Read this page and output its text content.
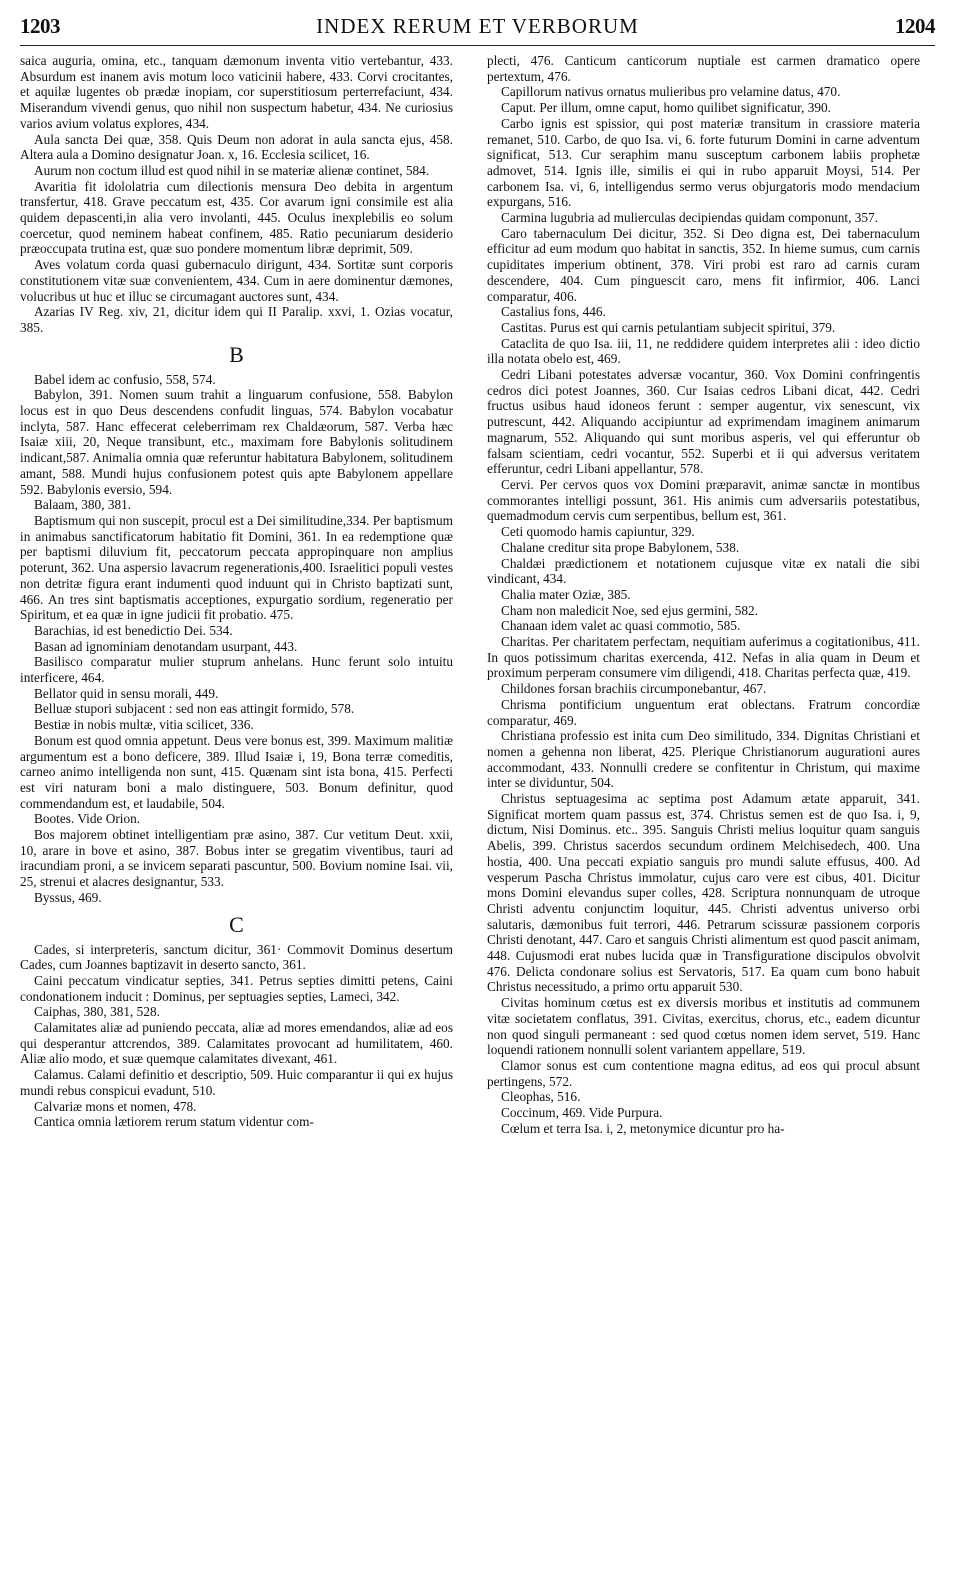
1203	INDEX RERUM ET VERBORUM	1204

saica auguria, omina, etc., tanquam dæmonum inventa vitio vertebantur, 433. Absurdum est inanem avis motum loco vaticinii habere, 433. Corvi crocitantes, et aquilæ lugentes ob prædæ inopiam, cor superstitiosum perterrefaciunt, 434. Miserandum vivendi genus, quo nihil non suspectum habetur, 434. Ne curiosius varios avium volatus explores, 434.

Aula sancta Dei quæ, 358. Quis Deum non adorat in aula sancta ejus, 458. Altera aula a Domino designatur Joan. x, 16. Ecclesia scilicet, 16.

Aurum non coctum illud est quod nihil in se materiæ alienæ continet, 584.

Avaritia fit idololatria cum dilectionis mensura Deo debita in argentum transfertur, 418. Grave peccatum est, 435. Cor avarum igni consimile est alia quidem depascenti,in alia vero involanti, 445. Oculus inexplebilis eo solum coercetur, quod neminem habeat confinem, 485. Ratio pecuniarum desiderio præoccupata trutina est, quæ suo pondere momentum libræ deprimit, 509.

Aves volatum corda quasi gubernaculo dirigunt, 434. Sortitæ sunt corporis constitutionem vitæ suæ convenientem, 434. Cum in aere dominentur dæmones, volucribus ut huc et illuc se circumagant auctores sunt, 434.

Azarias IV Reg. xiv, 21, dicitur idem qui II Paralip. xxvi, 1. Ozias vocatur, 385.

B

Babel idem ac confusio, 558, 574.

Babylon, 391. Nomen suum trahit a linguarum confusione, 558. Babylon locus est in quo Deus descendens confudit linguas, 574. Babylon vocabatur inclyta, 587. Hanc effecerat celeberrimam rex Chaldæorum, 587. Verba hæc Isaiæ xiii, 20, Neque transibunt, etc., maximam fore Babylonis solitudinem indicant,587. Animalia omnia quæ referuntur habitatura Babylonem, solitudinem amant, 588. Mundi hujus confusionem potest quis apte Babylonem appellare 592. Babylonis eversio, 594.

Balaam, 380, 381.

Baptismum qui non suscepit, procul est a Dei similitudine,334. Per baptismum in animabus sanctificatorum habitatio fit Domini, 361. In ea redemptione quæ per baptismi diluvium fit, peccatorum peccata appropinquare non amplius poterunt, 362. Una aspersio lavacrum regenerationis,400. Israelitici populi vestes non detritæ figura erant indumenti quod induunt qui in Christo baptizati sunt, 466. An tres sint baptismatis acceptiones, expurgatio sordium, regeneratio per Spiritum, et ea quæ in igne judicii fit probatio. 475.

Barachias, id est benedictio Dei. 534.

Basan ad ignominiam denotandam usurpant, 443.

Basilisco comparatur mulier stuprum anhelans. Hunc ferunt solo intuitu interficere, 464.

Bellator quid in sensu morali, 449.

Belluæ stupori subjacent : sed non eas attingit formido, 578.

Bestiæ in nobis multæ, vitia scilicet, 336.

Bonum est quod omnia appetunt. Deus vere bonus est, 399. Maximum malitiæ argumentum est a bono deficere, 389. Illud Isaiæ i, 19, Bona terræ comeditis, carneo animo intelligenda non sunt, 415. Quænam sint ista bona, 415. Perfecti est viri naturam boni a malo distinguere, 503. Bonum definitur, quod commendandum est, et laudabile, 504.

Bootes. Vide Orion.

Bos majorem obtinet intelligentiam præ asino, 387. Cur vetitum Deut. xxii, 10, arare in bove et asino, 387. Bobus inter se gregatim viventibus, tauri ad iracundiam proni, a se invicem separati pascuntur, 500. Bovium nomine Isai. vii, 25, strenui et alacres designantur, 533.

Byssus, 469.

C

Cades, si interpreteris, sanctum dicitur, 361· Commovit Dominus desertum Cades, cum Joannes baptizavit in deserto sancto, 361.

Caini peccatum vindicatur septies, 341. Petrus septies dimitti petens, Caini condonationem inducit : Dominus, per septuagies septies, Lameci, 342.

Caiphas, 380, 381, 528.

Calamitates aliæ ad puniendo peccata, aliæ ad mores emendandos, aliæ ad eos qui desperantur attcrendos, 389. Calamitates provocant ad humilitatem, 460. Aliæ alio modo, et suæ quemque calamitates divexant, 461.

Calamus. Calami definitio et descriptio, 509. Huic comparantur ii qui ex hujus mundi rebus conspicui evadunt, 510.

Calvariæ mons et nomen, 478.

Cantica omnia lætiorem rerum statum videntur com-

plecti, 476. Canticum canticorum nuptiale est carmen dramatico opere pertextum, 476.

Capillorum nativus ornatus mulieribus pro velamine datus, 470.

Caput. Per illum, omne caput, homo quilibet significatur, 390.

Carbo ignis est spissior, qui post materiæ transitum in crassiore materia remanet, 510. Carbo, de quo Isa. vi, 6. forte futurum Domini in carne adventum significat, 513. Cur seraphim manu susceptum carbonem labiis prophetæ admovet, 514. Ignis ille, similis ei qui in rubo apparuit Moysi, 514. Per carbonem Isa. vi, 6, intelligendus sermo verus objurgatoris modo mendacium expurgans, 516.

Carmina lugubria ad mulierculas decipiendas quidam componunt, 357.

Caro tabernaculum Dei dicitur, 352. Si Deo digna est, Dei tabernaculum efficitur ad eum modum quo habitat in sanctis, 352. In hieme sumus, cum carnis cupiditates imperium obtinent, 378. Viri probi est raro ad carnis curam descendere, 404. Cum pinguescit caro, mens fit infirmior, 406. Lanci comparatur, 406.

Castalius fons, 446.

Castitas. Purus est qui carnis petulantiam subjecit spiritui, 379.

Cataclita de quo Isa. iii, 11, ne reddidere quidem interpretes alii : ideo dictio illa notata obelo est, 469.

Cedri Libani potestates adversæ vocantur, 360. Vox Domini confringentis cedros dici potest Joannes, 360. Cur Isaias cedros Libani dicat, 442. Cedri fructus usibus haud idoneos ferunt : semper augentur, vix senescunt, vix putrescunt, 442. Aliquando accipiuntur ad exprimendam imaginem animarum magnarum, 552. Aliquando qui sunt moribus asperis, vel qui efferuntur ob falsam scientiam, cedri vocantur, 552. Superbi et ii qui adversus veritatem efferuntur, cedri Libani appellantur, 578.

Cervi. Per cervos quos vox Domini præparavit, animæ sanctæ in montibus commorantes intelligi possunt, 361. His animis cum adversariis potestatibus, quemadmodum cervis cum serpentibus, bellum est, 361.

Ceti quomodo hamis capiuntur, 329.

Chalane creditur sita prope Babylonem, 538.

Chaldæi prædictionem et notationem cujusque vitæ ex natali die sibi vindicant, 434.

Chalia mater Oziæ, 385.

Cham non maledicit Noe, sed ejus germini, 582.

Chanaan idem valet ac quasi commotio, 585.

Charitas. Per charitatem perfectam, nequitiam auferimus a cogitationibus, 411. In quos potissimum charitas exercenda, 412. Nefas in alia quam in Deum et proximum perperam consumere vim diligendi, 418. Charitas perfecta quæ, 419.

Childones forsan brachiis circumponebantur, 467.

Chrisma pontificium unguentum erat oblectans. Fratrum concordiæ comparatur, 469.

Christiana professio est inita cum Deo similitudo, 334. Dignitas Christiani et nomen a gehenna non liberat, 425. Plerique Christianorum augurationi aures accommodant, 433. Nonnulli credere se confitentur in Christum, qui maxime inter se dividuntur, 504.

Christus septuagesima ac septima post Adamum ætate apparuit, 341. Significat mortem quam passus est, 374. Christus semen est de quo Isa. i, 9, dictum, Nisi Dominus. etc.. 395. Sanguis Christi melius loquitur quam sanguis Abelis, 399. Christus sacerdos secundum ordinem Melchisedech, 400. Una hostia, 400. Una peccati expiatio sanguis pro mundi salute effusus, 400. Ad vesperum Pascha Christus immolatur, cujus caro vere est cibus, 401. Dicitur mons Domini elevandus super colles, 428. Scriptura nonnunquam de utroque Christi adventu conjunctim loquitur, 445. Christi adventus universo orbi salutaris, dæmonibus fuit terrori, 446. Petrarum scissuræ passionem corporis Christi denotant, 447. Caro et sanguis Christi alimentum est quod pascit animam, 448. Cujusmodi erat nubes lucida quæ in Transfiguratione discipulos obvolvit 476. Delicta condonare solius est Servatoris, 517. Ea quam cum bono habuit Christus necessitudo, a primo ortu apparuit 530.

Civitas hominum cœtus est ex diversis moribus et institutis ad communem vitæ societatem conflatus, 391. Civitas, exercitus, chorus, etc., eadem dicuntur non quod singuli permaneant : sed quod cœtus nomen idem servet, 519. Hanc loquendi rationem nonnulli solent variantem appellare, 519.

Clamor sonus est cum contentione magna editus, ad eos qui procul absunt pertingens, 572.

Cleophas, 516.

Coccinum, 469. Vide Purpura.

Cœlum et terra Isa. i, 2, metonymice dicuntur pro ha-
